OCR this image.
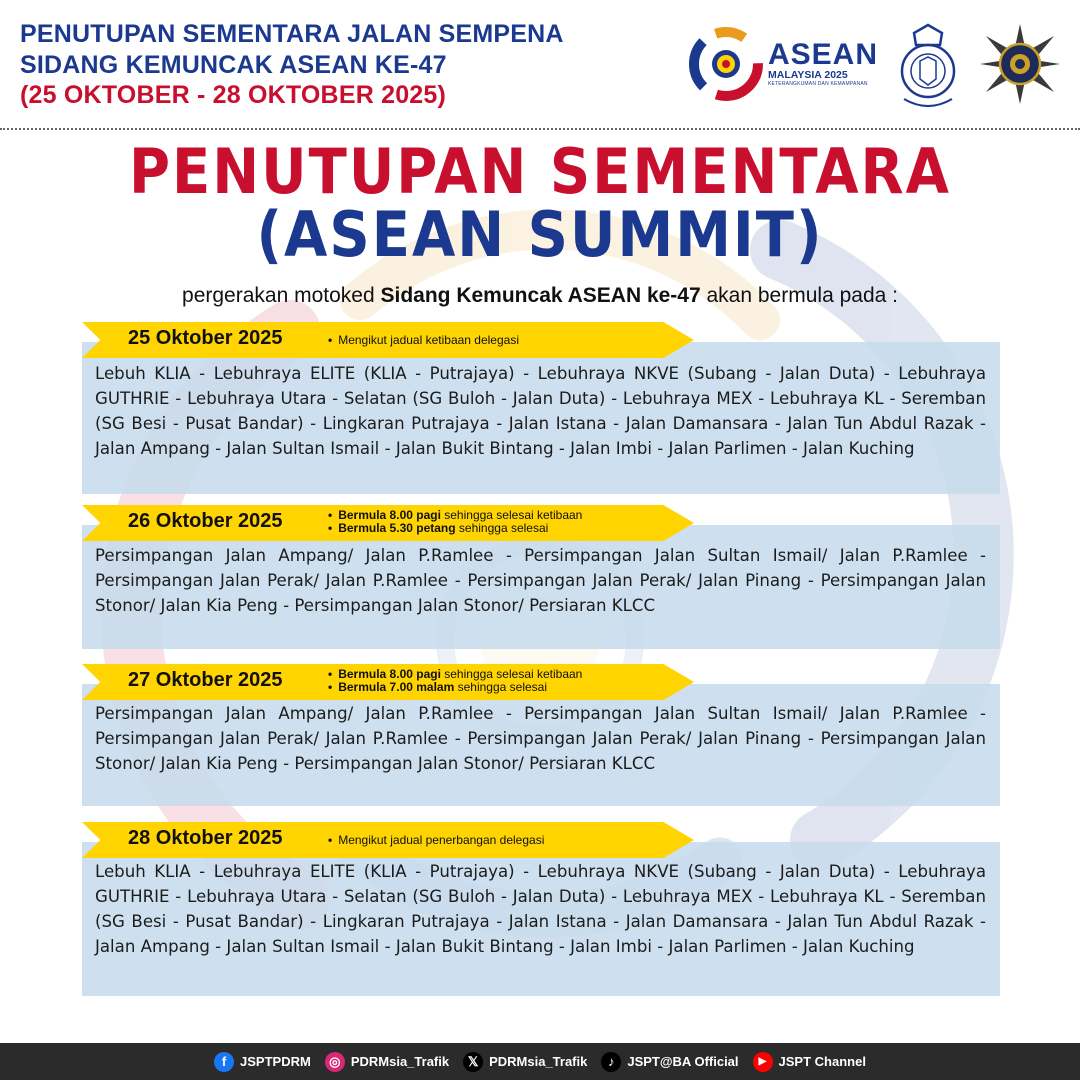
PENUTUPAN SEMENTARA JALAN SEMPENA
SIDANG KEMUNCAK ASEAN KE-47
(25 OKTOBER - 28 OKTOBER 2025)
ASEAN
MALAYSIA 2025
KETERANGKUMAN DAN KEMAMPANAN
PENUTUPAN SEMENTARA
(ASEAN SUMMIT)
pergerakan motoked Sidang Kemuncak ASEAN ke-47 akan bermula pada :

Lebuh KLIA - Lebuhraya ELITE (KLIA - Putrajaya) - Lebuhraya NKVE (Subang - Jalan Duta) - Lebuhraya GUTHRIE - Lebuhraya Utara - Selatan (SG Buloh - Jalan Duta) - Lebuhraya MEX - Lebuhraya KL - Seremban (SG Besi - Pusat Bandar) - Lingkaran Putrajaya - Jalan Istana - Jalan Damansara - Jalan Tun Abdul Razak - Jalan Ampang - Jalan Sultan Ismail - Jalan Bukit Bintang - Jalan Imbi - Jalan Parlimen - Jalan Kuching

25 Oktober 2025	• Mengikut jadual ketibaan delegasi

Persimpangan Jalan Ampang/ Jalan P.Ramlee - Persimpangan Jalan Sultan Ismail/ Jalan P.Ramlee - Persimpangan Jalan Perak/ Jalan P.Ramlee - Persimpangan Jalan Perak/ Jalan Pinang - Persimpangan Jalan Stonor/ Jalan Kia Peng - Persimpangan Jalan Stonor/ Persiaran KLCC

26 Oktober 2025	• Bermula 8.00 pagi sehingga selesai ketibaan
• Bermula 5.30 petang sehingga selesai

Persimpangan Jalan Ampang/ Jalan P.Ramlee - Persimpangan Jalan Sultan Ismail/ Jalan P.Ramlee - Persimpangan Jalan Perak/ Jalan P.Ramlee - Persimpangan Jalan Perak/ Jalan Pinang - Persimpangan Jalan Stonor/ Jalan Kia Peng - Persimpangan Jalan Stonor/ Persiaran KLCC

27 Oktober 2025	• Bermula 8.00 pagi sehingga selesai ketibaan
• Bermula 7.00 malam sehingga selesai

Lebuh KLIA - Lebuhraya ELITE (KLIA - Putrajaya) - Lebuhraya NKVE (Subang - Jalan Duta) - Lebuhraya GUTHRIE - Lebuhraya Utara - Selatan (SG Buloh - Jalan Duta) - Lebuhraya MEX - Lebuhraya KL - Seremban (SG Besi - Pusat Bandar) - Lingkaran Putrajaya - Jalan Istana - Jalan Damansara - Jalan Tun Abdul Razak - Jalan Ampang - Jalan Sultan Ismail - Jalan Bukit Bintang - Jalan Imbi - Jalan Parlimen - Jalan Kuching

28 Oktober 2025	• Mengikut jadual penerbangan delegasi
f	JSPTPDRM	◎ PDRMsia_Trafik	𝕏 PDRMsia_Trafik	♪ JSPT@BA Official	▶ JSPT Channel
